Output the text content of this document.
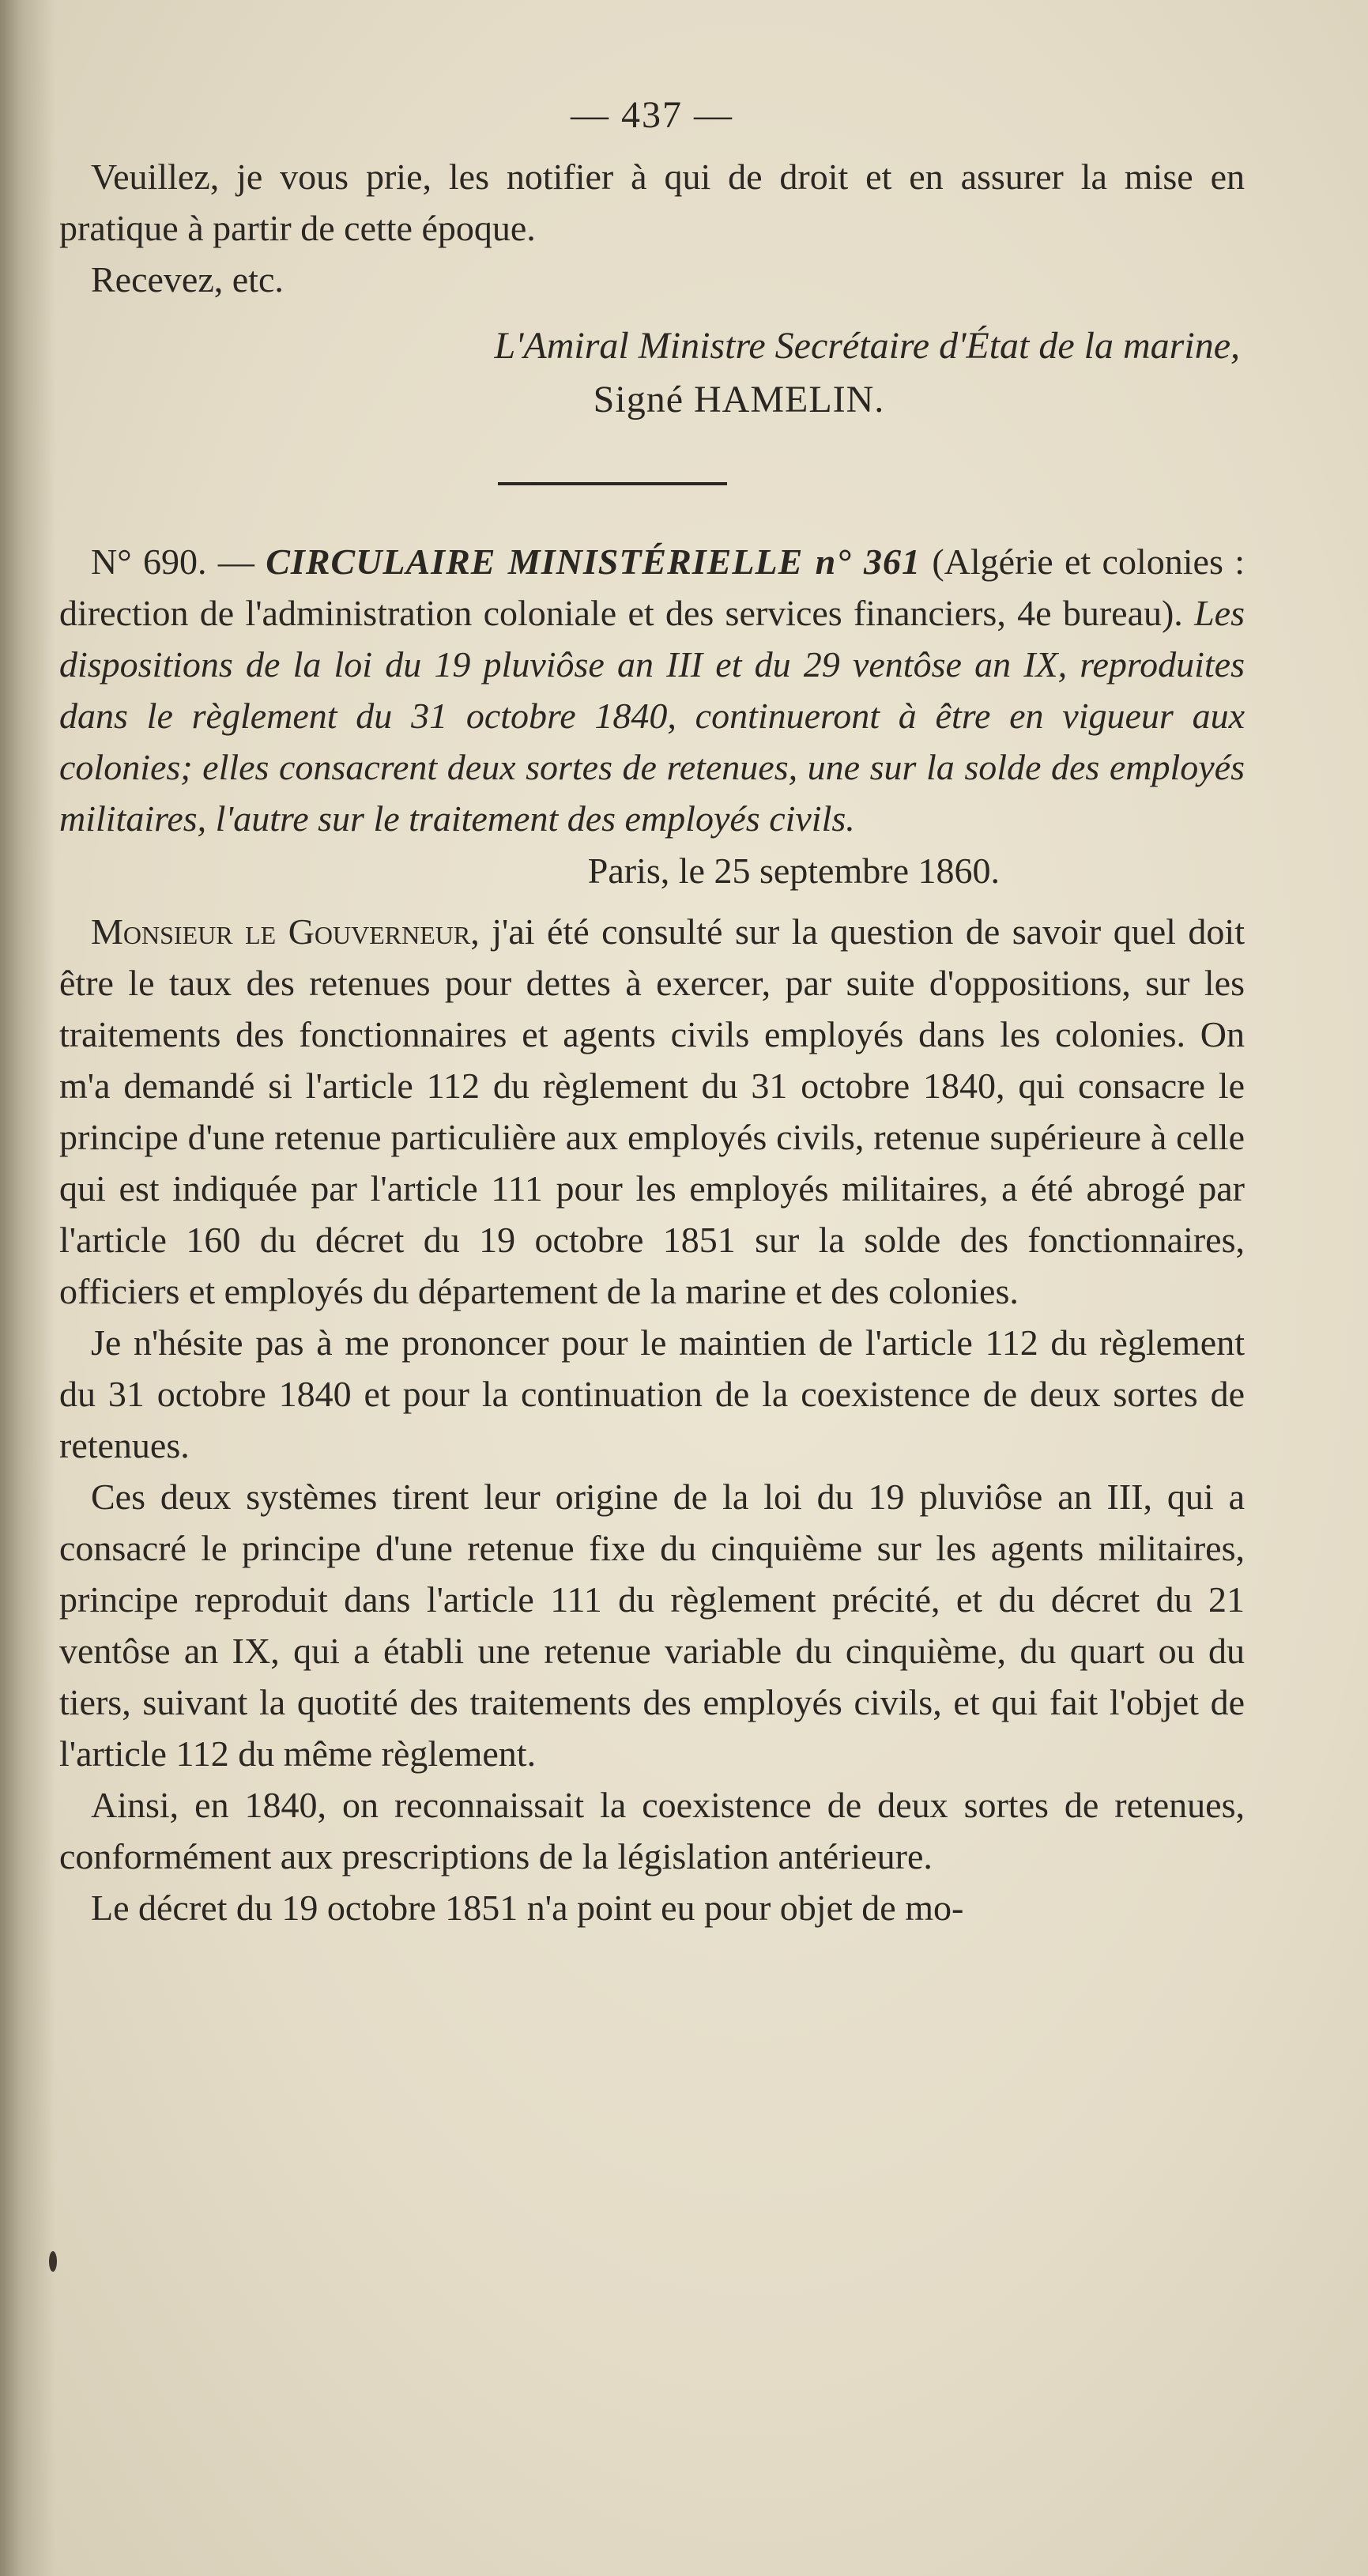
— 437 —

Veuillez, je vous prie, les notifier à qui de droit et en assurer la mise en pratique à partir de cette époque.

Recevez, etc.

L'Amiral Ministre Secrétaire d'État de la marine,
Signé HAMELIN.

N° 690. — CIRCULAIRE MINISTÉRIELLE n° 361 (Algérie et colonies : direction de l'administration coloniale et des services financiers, 4e bureau). Les dispositions de la loi du 19 pluviôse an III et du 29 ventôse an IX, reproduites dans le règlement du 31 octobre 1840, continueront à être en vigueur aux colonies; elles consacrent deux sortes de retenues, une sur la solde des employés militaires, l'autre sur le traitement des employés civils.

Paris, le 25 septembre 1860.

Monsieur le Gouverneur, j'ai été consulté sur la question de savoir quel doit être le taux des retenues pour dettes à exercer, par suite d'oppositions, sur les traitements des fonctionnaires et agents civils employés dans les colonies. On m'a demandé si l'article 112 du règlement du 31 octobre 1840, qui consacre le principe d'une retenue particulière aux employés civils, retenue supérieure à celle qui est indiquée par l'article 111 pour les employés militaires, a été abrogé par l'article 160 du décret du 19 octobre 1851 sur la solde des fonctionnaires, officiers et employés du département de la marine et des colonies.

Je n'hésite pas à me prononcer pour le maintien de l'article 112 du règlement du 31 octobre 1840 et pour la continuation de la coexistence de deux sortes de retenues.

Ces deux systèmes tirent leur origine de la loi du 19 pluviôse an III, qui a consacré le principe d'une retenue fixe du cinquième sur les agents militaires, principe reproduit dans l'article 111 du règlement précité, et du décret du 21 ventôse an IX, qui a établi une retenue variable du cinquième, du quart ou du tiers, suivant la quotité des traitements des employés civils, et qui fait l'objet de l'article 112 du même règlement.

Ainsi, en 1840, on reconnaissait la coexistence de deux sortes de retenues, conformément aux prescriptions de la législation antérieure.

Le décret du 19 octobre 1851 n'a point eu pour objet de mo-
